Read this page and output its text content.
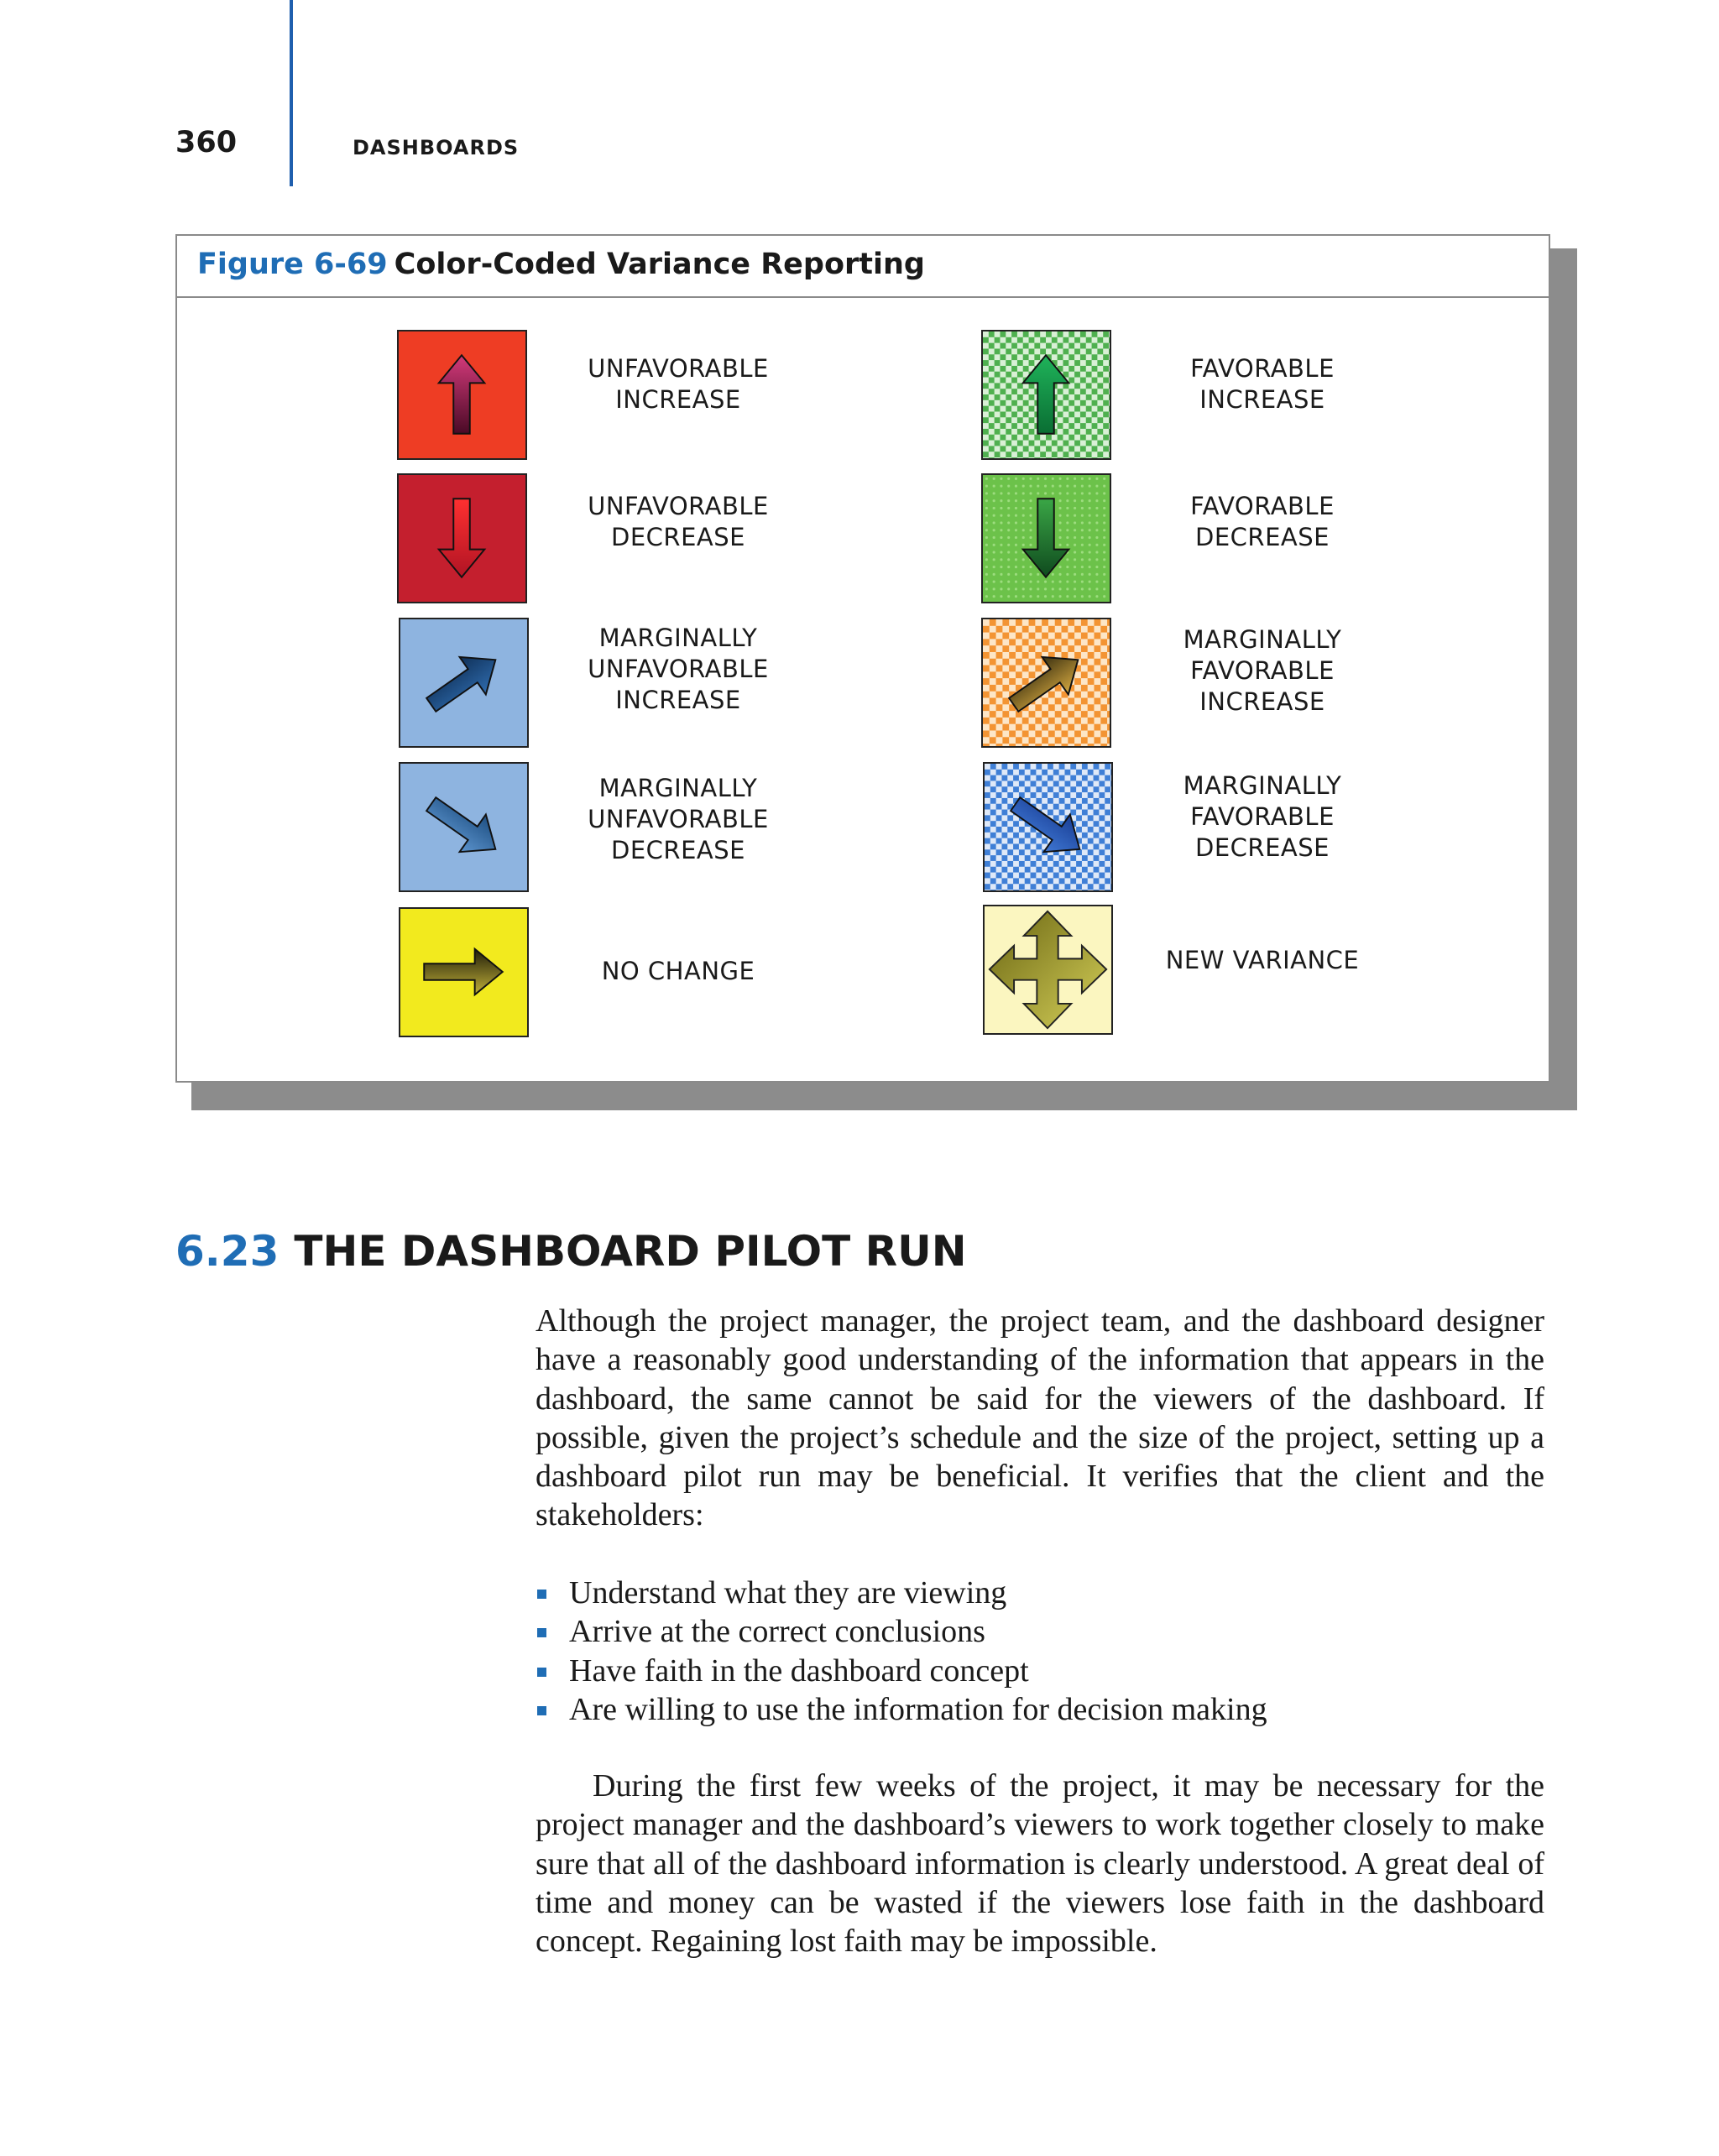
360	DASHBOARDS
Figure 6-69 Color-Coded Variance Reporting
UNFAVORABLE
INCREASE
UNFAVORABLE
DECREASE
MARGINALLY
UNFAVORABLE
INCREASE
MARGINALLY
UNFAVORABLE
DECREASE
NO CHANGE
FAVORABLE
INCREASE
FAVORABLE
DECREASE
MARGINALLY
FAVORABLE
INCREASE
MARGINALLY
FAVORABLE
DECREASE
NEW VARIANCE
6.23 THE DASHBOARD PILOT RUN

Although the project manager, the project team, and the dashboard designer have a reasonably good understanding of the information that appears in the dashboard, the same cannot be said for the viewers of the dashboard. If possible, given the project’s schedule and the size of the project, setting up a dashboard pilot run may be beneficial. It verifies that the client and the stakeholders:

Understand what they are viewing
Arrive at the correct conclusions
Have faith in the dashboard concept
Are willing to use the information for decision making

During the first few weeks of the project, it may be necessary for the project manager and the dashboard’s viewers to work together closely to make sure that all of the dashboard information is clearly understood. A great deal of time and money can be wasted if the viewers lose faith in the dashboard concept. Regaining lost faith may be impossible.
